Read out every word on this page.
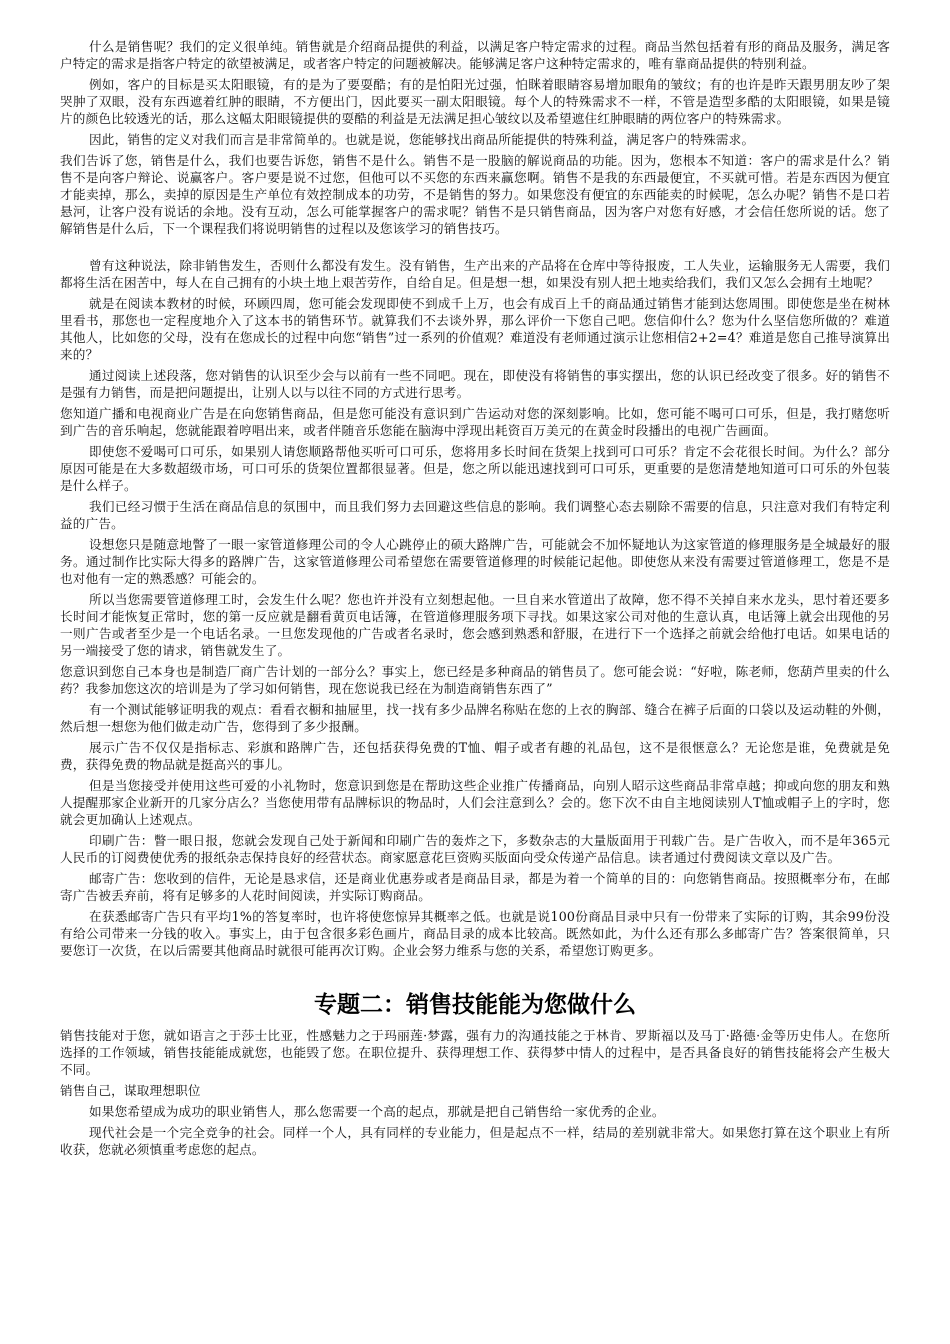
什么是销售呢？我们的定义很单纯。销售就是介绍商品提供的利益，以满足客户特定需求的过程。商品当然包括着有形的商品及服务，满足客户特定的需求是指客户特定的欲望被满足，或者客户特定的问题被解决。能够满足客户这种特定需求的，唯有靠商品提供的特别利益。

例如，客户的目标是买太阳眼镜，有的是为了要耍酷；有的是怕阳光过强，怕眯着眼睛容易增加眼角的皱纹；有的也许是昨天跟男朋友吵了架哭肿了双眼，没有东西遮着红肿的眼睛，不方便出门，因此要买一副太阳眼镜。每个人的特殊需求不一样，不管是造型多酷的太阳眼镜，如果是镜片的颜色比较透光的话，那么这幅太阳眼镜提供的耍酷的利益是无法满足担心皱纹以及希望遮住红肿眼睛的两位客户的特殊需求。

因此，销售的定义对我们而言是非常简单的。也就是说，您能够找出商品所能提供的特殊利益，满足客户的特殊需求。

我们告诉了您，销售是什么，我们也要告诉您，销售不是什么。销售不是一股脑的解说商品的功能。因为，您根本不知道：客户的需求是什么？销售不是向客户辩论、说赢客户。客户要是说不过您，但他可以不买您的东西来赢您啊。销售不是我的东西最便宜，不买就可惜。若是东西因为便宜才能卖掉，那么，卖掉的原因是生产单位有效控制成本的功劳，不是销售的努力。如果您没有便宜的东西能卖的时候呢，怎么办呢？销售不是口若悬河，让客户没有说话的余地。没有互动，怎么可能掌握客户的需求呢？销售不是只销售商品，因为客户对您有好感，才会信任您所说的话。您了解销售是什么后，下一个课程我们将说明销售的过程以及您该学习的销售技巧。

曾有这种说法，除非销售发生，否则什么都没有发生。没有销售，生产出来的产品将在仓库中等待报废，工人失业，运输服务无人需要，我们都将生活在困苦中，每人在自己拥有的小块土地上艰苦劳作，自给自足。但是想一想，如果没有别人把土地卖给我们，我们又怎么会拥有土地呢？

就是在阅读本教材的时候，环顾四周，您可能会发现即使不到成千上万，也会有成百上千的商品通过销售才能到达您周围。即使您是坐在树林里看书，那您也一定程度地介入了这本书的销售环节。就算我们不去谈外界，那么评价一下您自己吧。您信仰什么？您为什么坚信您所做的？难道其他人，比如您的父母，没有在您成长的过程中向您“销售”过一系列的价值观？难道没有老师通过演示让您相信2+2=4？难道是您自己推导演算出来的？

通过阅读上述段落，您对销售的认识至少会与以前有一些不同吧。现在，即使没有将销售的事实摆出，您的认识已经改变了很多。好的销售不是强有力销售，而是把问题提出，让别人以与以往不同的方式进行思考。

您知道广播和电视商业广告是在向您销售商品，但是您可能没有意识到广告运动对您的深刻影响。比如，您可能不喝可口可乐，但是，我打赌您听到广告的音乐响起，您就能跟着哼唱出来，或者伴随音乐您能在脑海中浮现出耗资百万美元的在黄金时段播出的电视广告画面。

即使您不爱喝可口可乐，如果别人请您顺路帮他买听可口可乐，您将用多长时间在货架上找到可口可乐？肯定不会花很长时间。为什么？部分原因可能是在大多数超级市场，可口可乐的货架位置都很显著。但是，您之所以能迅速找到可口可乐，更重要的是您清楚地知道可口可乐的外包装是什么样子。

我们已经习惯于生活在商品信息的氛围中，而且我们努力去回避这些信息的影响。我们调整心态去剔除不需要的信息，只注意对我们有特定利益的广告。

设想您只是随意地瞥了一眼一家管道修理公司的令人心跳停止的硕大路牌广告，可能就会不加怀疑地认为这家管道的修理服务是全城最好的服务。通过制作比实际大得多的路牌广告，这家管道修理公司希望您在需要管道修理的时候能记起他。即使您从来没有需要过管道修理工，您是不是也对他有一定的熟悉感？可能会的。

所以当您需要管道修理工时，会发生什么呢？您也许并没有立刻想起他。一旦自来水管道出了故障，您不得不关掉自来水龙头，思忖着还要多长时间才能恢复正常时，您的第一反应就是翻看黄页电话簿，在管道修理服务项下寻找。如果这家公司对他的生意认真，电话簿上就会出现他的另一则广告或者至少是一个电话名录。一旦您发现他的广告或者名录时，您会感到熟悉和舒服，在进行下一个选择之前就会给他打电话。如果电话的另一端接受了您的请求，销售就发生了。

您意识到您自己本身也是制造厂商广告计划的一部分么？事实上，您已经是多种商品的销售员了。您可能会说：“好啦，陈老师，您葫芦里卖的什么药？我参加您这次的培训是为了学习如何销售，现在您说我已经在为制造商销售东西了”

有一个测试能够证明我的观点：看看衣橱和抽屉里，找一找有多少品牌名称贴在您的上衣的胸部、缝合在裤子后面的口袋以及运动鞋的外侧，然后想一想您为他们做走动广告，您得到了多少报酬。

展示广告不仅仅是指标志、彩旗和路牌广告，还包括获得免费的T恤、帽子或者有趣的礼品包，这不是很惬意么？无论您是谁，免费就是免费，获得免费的物品就是挺高兴的事儿。

但是当您接受并使用这些可爱的小礼物时，您意识到您是在帮助这些企业推广传播商品，向别人昭示这些商品非常卓越；抑或向您的朋友和熟人提醒那家企业新开的几家分店么？当您使用带有品牌标识的物品时，人们会注意到么？会的。您下次不由自主地阅读别人T恤或帽子上的字时，您就会更加确认上述观点。

印刷广告：瞥一眼日报，您就会发现自己处于新闻和印刷广告的轰炸之下，多数杂志的大量版面用于刊载广告。是广告收入，而不是年365元人民币的订阅费使优秀的报纸杂志保持良好的经营状态。商家愿意花巨资购买版面向受众传递产品信息。读者通过付费阅读文章以及广告。

邮寄广告：您收到的信件，无论是恳求信，还是商业优惠券或者是商品目录，都是为着一个简单的目的：向您销售商品。按照概率分布，在邮寄广告被丢弃前，将有足够多的人花时间阅读，并实际订购商品。

在获悉邮寄广告只有平均1%的答复率时，也许将使您惊异其概率之低。也就是说100份商品目录中只有一份带来了实际的订购，其余99份没有给公司带来一分钱的收入。事实上，由于包含很多彩色画片，商品目录的成本比较高。既然如此，为什么还有那么多邮寄广告？答案很简单，只要您订一次货，在以后需要其他商品时就很可能再次订购。企业会努力维系与您的关系，希望您订购更多。

专题二：销售技能能为您做什么

销售技能对于您，就如语言之于莎士比亚，性感魅力之于玛丽莲·梦露，强有力的沟通技能之于林肯、罗斯福以及马丁·路德·金等历史伟人。在您所选择的工作领域，销售技能能成就您，也能毁了您。在职位提升、获得理想工作、获得梦中情人的过程中，是否具备良好的销售技能将会产生极大不同。

销售自己，谋取理想职位

如果您希望成为成功的职业销售人，那么您需要一个高的起点，那就是把自己销售给一家优秀的企业。

现代社会是一个完全竞争的社会。同样一个人，具有同样的专业能力，但是起点不一样，结局的差别就非常大。如果您打算在这个职业上有所收获，您就必须慎重考虑您的起点。
